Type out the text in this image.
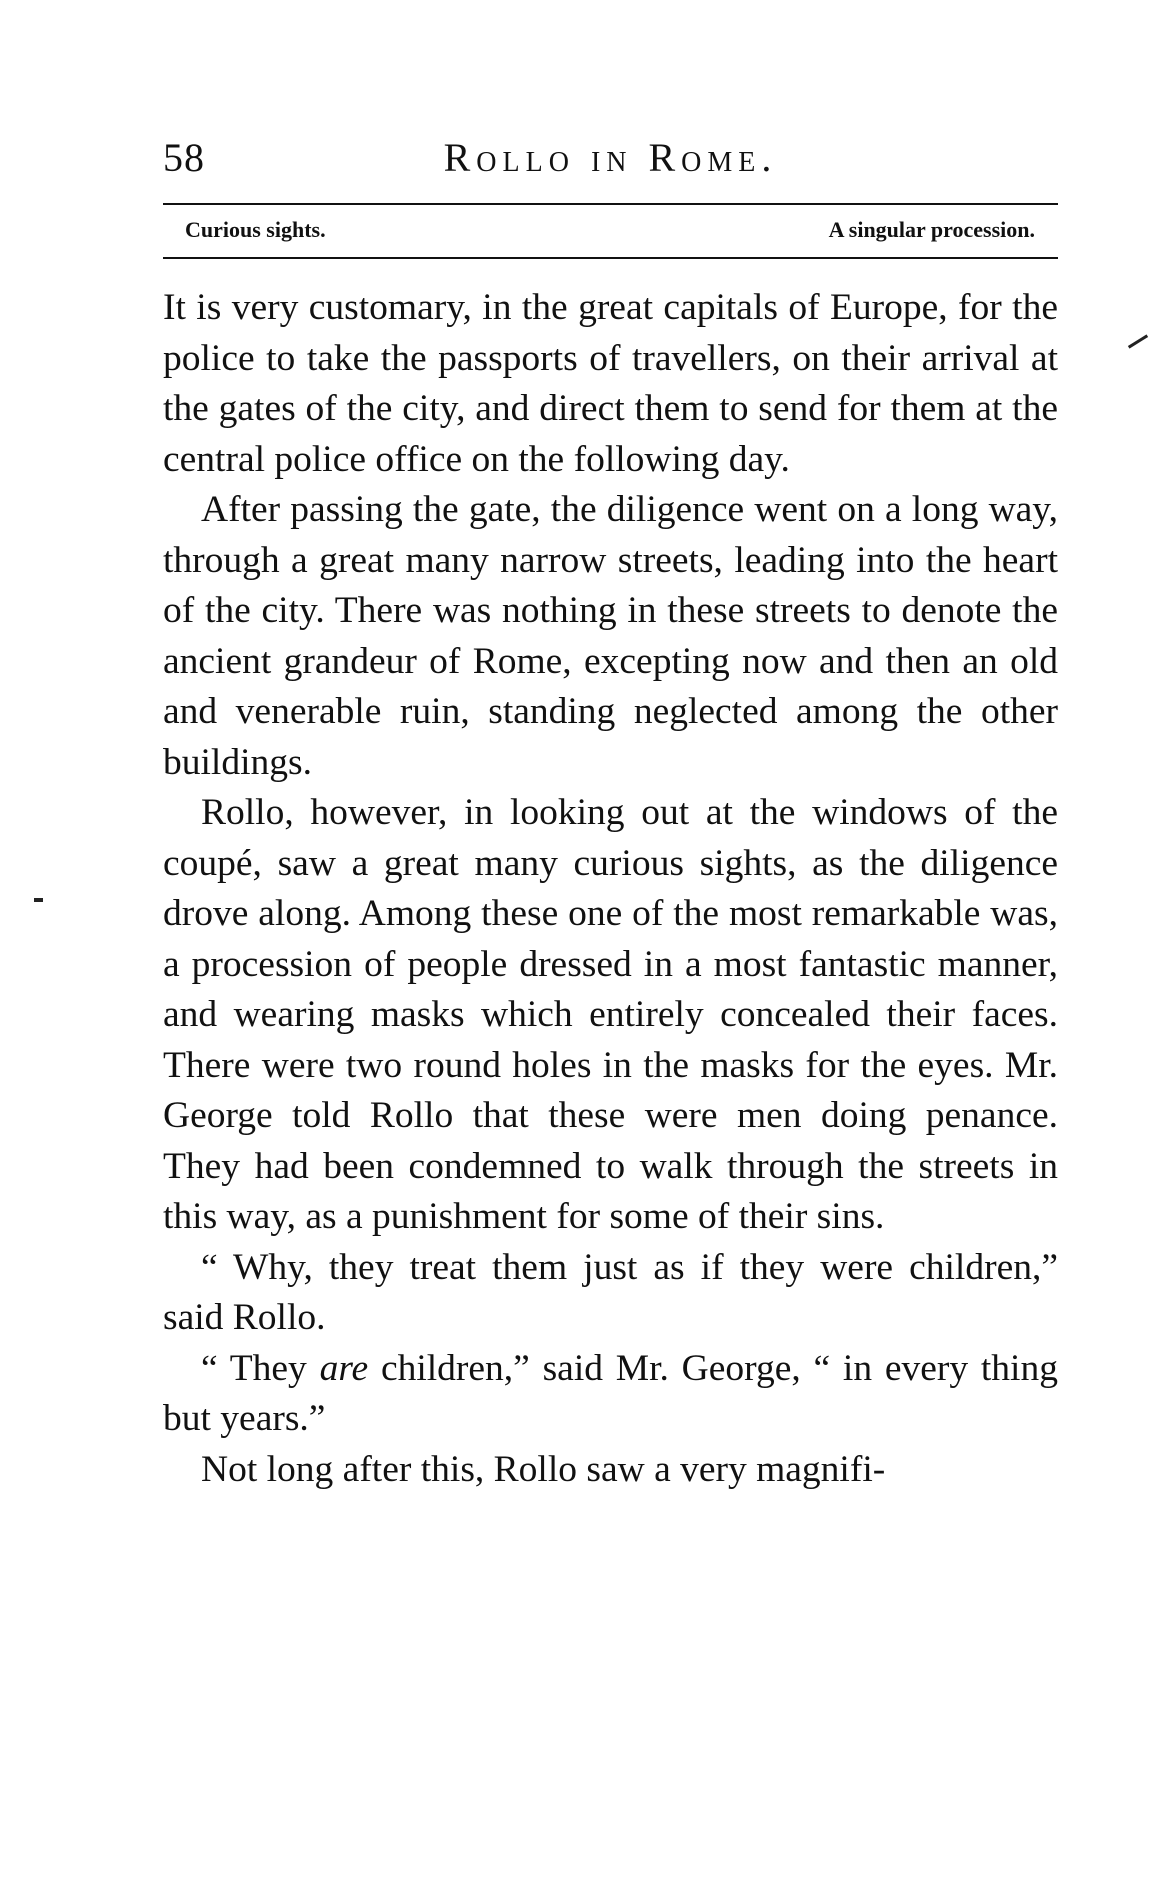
58	Rollo in Rome.
Curious sights.	A singular procession.

It is very customary, in the great capitals of Europe, for the police to take the passports of travellers, on their arrival at the gates of the city, and direct them to send for them at the central police office on the following day.

After passing the gate, the diligence went on a long way, through a great many narrow streets, leading into the heart of the city. There was nothing in these streets to denote the ancient grandeur of Rome, excepting now and then an old and venerable ruin, standing neglected among the other buildings.

Rollo, however, in looking out at the windows of the coupé, saw a great many curious sights, as the diligence drove along. Among these one of the most remarkable was, a procession of people dressed in a most fantastic manner, and wearing masks which entirely concealed their faces. There were two round holes in the masks for the eyes. Mr. George told Rollo that these were men doing penance. They had been condemned to walk through the streets in this way, as a punishment for some of their sins.

“ Why, they treat them just as if they were children,” said Rollo.

“ They are children,” said Mr. George, “ in every thing but years.”

Not long after this, Rollo saw a very magnifi-
